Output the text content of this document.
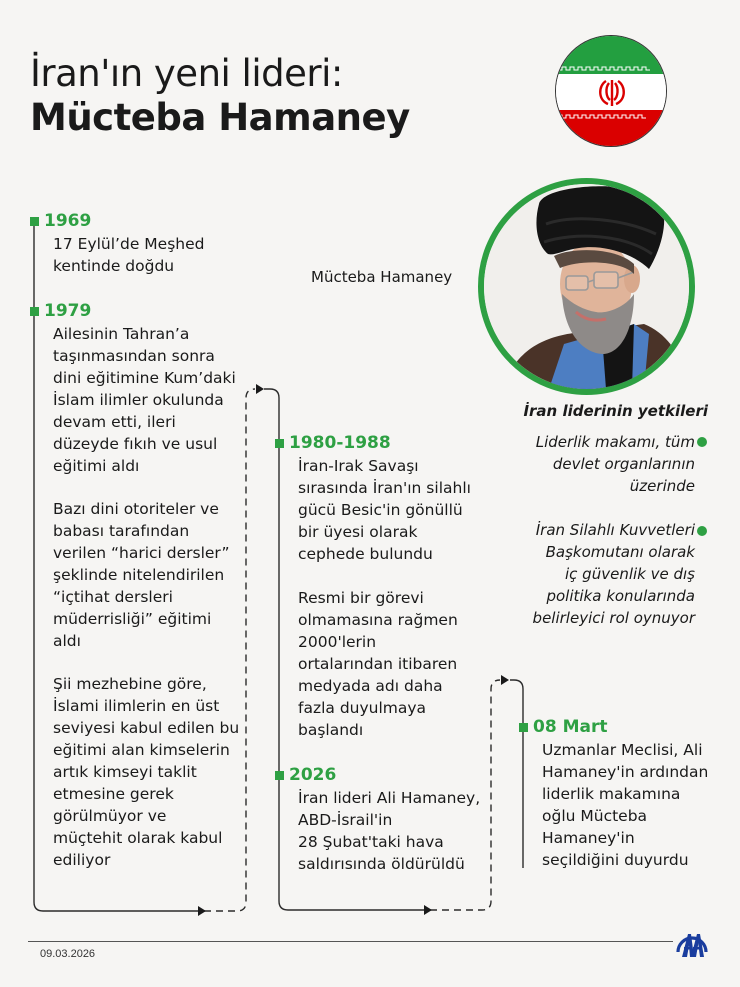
İran'ın yeni lideri:
Mücteba Hamaney
Mücteba Hamaney
1969
17 Eylül’de Meşhed
kentinde doğdu
1979
Ailesinin Tahran’a
taşınmasından sonra
dini eğitimine Kum’daki
İslam ilimler okulunda
devam etti, ileri
düzeyde fıkıh ve usul
eğitimi aldı
Bazı dini otoriteler ve
babası tarafından
verilen “harici dersler”
şeklinde nitelendirilen
“içtihat dersleri
müderrisliği” eğitimi
aldı
Şii mezhebine göre,
İslami ilimlerin en üst
seviyesi kabul edilen bu
eğitimi alan kimselerin
artık kimseyi taklit
etmesine gerek
görülmüyor ve
müçtehit olarak kabul
ediliyor
1980-1988
İran-Irak Savaşı
sırasında İran'ın silahlı
gücü Besic'in gönüllü
bir üyesi olarak
cephede bulundu
Resmi bir görevi
olmamasına rağmen
2000'lerin
ortalarından itibaren
medyada adı daha
fazla duyulmaya
başlandı
2026
İran lideri Ali Hamaney,
ABD-İsrail'in
28 Şubat'taki hava
saldırısında öldürüldü
08 Mart
Uzmanlar Meclisi, Ali
Hamaney'in ardından
liderlik makamına
oğlu Mücteba
Hamaney'in
seçildiğini duyurdu
İran liderinin yetkileri
Liderlik makamı, tüm
devlet organlarının
üzerinde
İran Silahlı Kuvvetleri
Başkomutanı olarak
iç güvenlik ve dış
politika konularında
belirleyici rol oynuyor
09.03.2026
